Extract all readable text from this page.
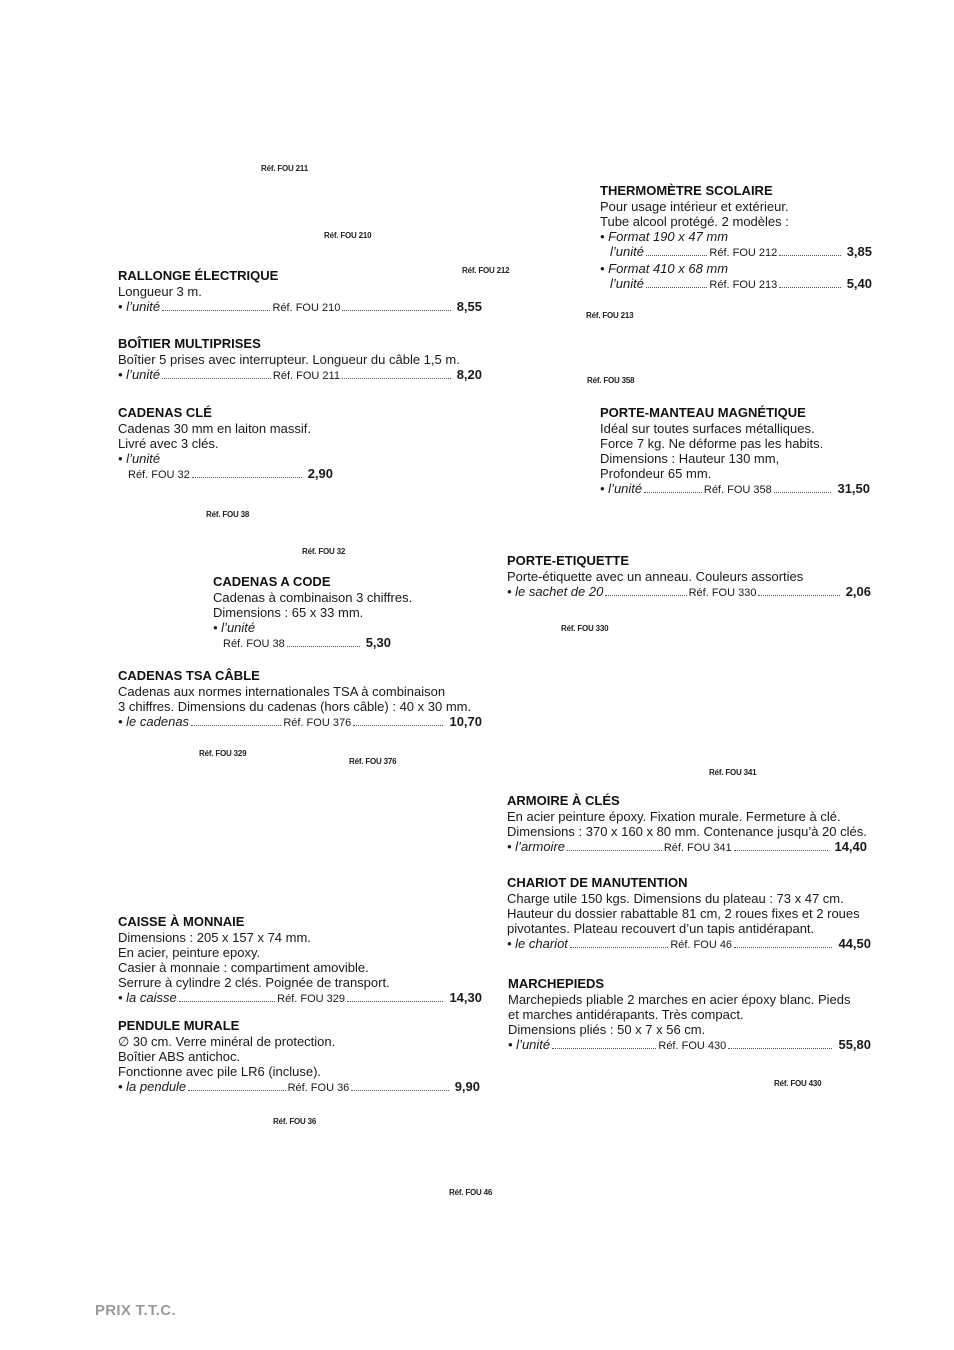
Réf. FOU 211
Réf. FOU 210
Réf. FOU 212
Réf. FOU 213
Réf. FOU 358
Réf. FOU 38
Réf. FOU 32
Réf. FOU 330
Réf. FOU 329
Réf. FOU 376
Réf. FOU 341
Réf. FOU 430
Réf. FOU 36
Réf. FOU 46
THERMOMÈTRE SCOLAIRE
Pour usage intérieur et extérieur.
Tube alcool protégé. 2 modèles :
• Format 190 x 47 mm
l’unité	Réf. FOU 212	3,85
• Format 410 x 68 mm
l’unité	Réf. FOU 213	5,40
RALLONGE ÉLECTRIQUE
Longueur 3 m.
• l’unité	Réf. FOU 210	8,55
BOÎTIER MULTIPRISES
Boîtier 5 prises avec interrupteur. Longueur du câble 1,5 m.
• l’unité	Réf. FOU 211	8,20
CADENAS CLÉ
Cadenas 30 mm en laiton massif.
Livré avec 3 clés.
• l’unité
Réf. FOU 32	2,90
PORTE-MANTEAU MAGNÉTIQUE
Idéal sur toutes surfaces métalliques.
Force 7 kg. Ne déforme pas les habits.
Dimensions : Hauteur 130 mm,
Profondeur 65 mm.
• l’unité	Réf. FOU 358	31,50
PORTE-ETIQUETTE
Porte-étiquette avec un anneau. Couleurs assorties
• le sachet de 20	Réf. FOU 330	2,06
CADENAS A CODE
Cadenas à combinaison 3 chiffres.
Dimensions : 65 x 33 mm.
• l’unité
Réf. FOU 38	5,30
CADENAS TSA CÂBLE
Cadenas aux normes internationales TSA à combinaison
3 chiffres. Dimensions du cadenas (hors câble) : 40 x 30 mm.
• le cadenas	Réf. FOU 376	10,70
ARMOIRE À CLÉS
En acier peinture époxy. Fixation murale. Fermeture à clé.
Dimensions : 370 x 160 x 80 mm. Contenance jusqu’à 20 clés.
• l’armoire	Réf. FOU 341	14,40
CHARIOT DE MANUTENTION
Charge utile 150 kgs. Dimensions du plateau : 73 x 47 cm.
Hauteur du dossier rabattable 81 cm, 2 roues fixes et 2 roues
pivotantes. Plateau recouvert d’un tapis antidérapant.
• le chariot	Réf. FOU 46	44,50
CAISSE À MONNAIE
Dimensions : 205 x 157 x 74 mm.
En acier, peinture epoxy.
Casier à monnaie : compartiment amovible.
Serrure à cylindre 2 clés. Poignée de transport.
• la caisse	Réf. FOU 329	14,30
MARCHEPIEDS
Marchepieds pliable 2 marches en acier époxy blanc. Pieds
et marches antidérapants. Très compact.
Dimensions pliés : 50 x 7 x 56 cm.
• l’unité	Réf. FOU 430	55,80
PENDULE MURALE
∅ 30 cm. Verre minéral de protection.
Boîtier ABS antichoc.
Fonctionne avec pile LR6 (incluse).
• la pendule	Réf. FOU 36	9,90
PRIX T.T.C.
